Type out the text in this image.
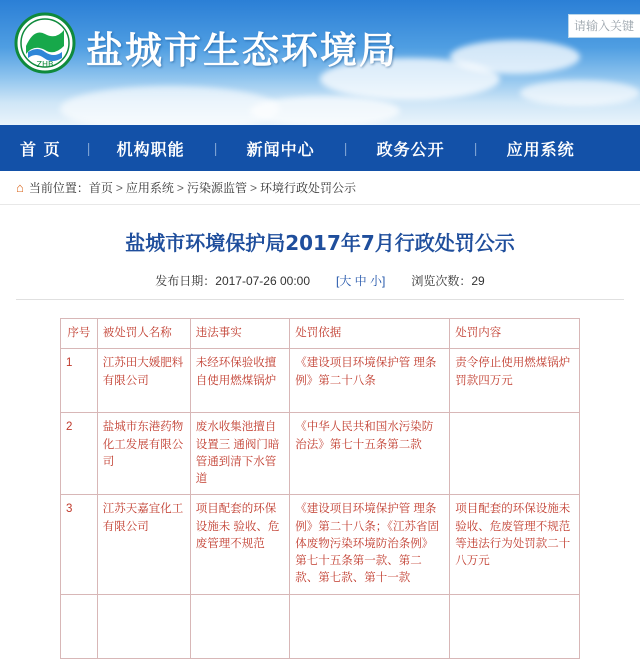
ZHB 盐城市生态环境局
请输入关键
首 页	|	机构职能	|	新闻中心	|	政务公开	|	应用系统
⌂ 当前位置： 首页 > 应用系统 > 污染源监管 > 环境行政处罚公示
盐城市环境保护局2017年7月行政处罚公示
发布日期：2017-07-26 00:00 [大 中 小] 浏览次数：29
序号	被处罚人名称	违法事实	处罚依据	处罚内容
1	江苏田大媛肥料有限公司	未经环保验收擅自使用燃煤锅炉	《建设项目环境保护管 理条例》第二十八条	责令停止使用燃煤锅炉 罚款四万元
2	盐城市东港药物化工发展有限公司	废水收集池擅自设置三 通阀门暗管通到清下水管道	《中华人民共和国水污染防治法》第七十五条第二款	
3	江苏天嘉宜化工有限公司	项目配套的环保设施未 验收、危废管理不规范	《建设项目环境保护管 理条例》第二十八条；《江苏省固体废物污染环境防治条例》第七十五条第一款、第二款、第七款、第十一款	项目配套的环保设施未 验收、危废管理不规范等违法行为处罚款二十八万元
